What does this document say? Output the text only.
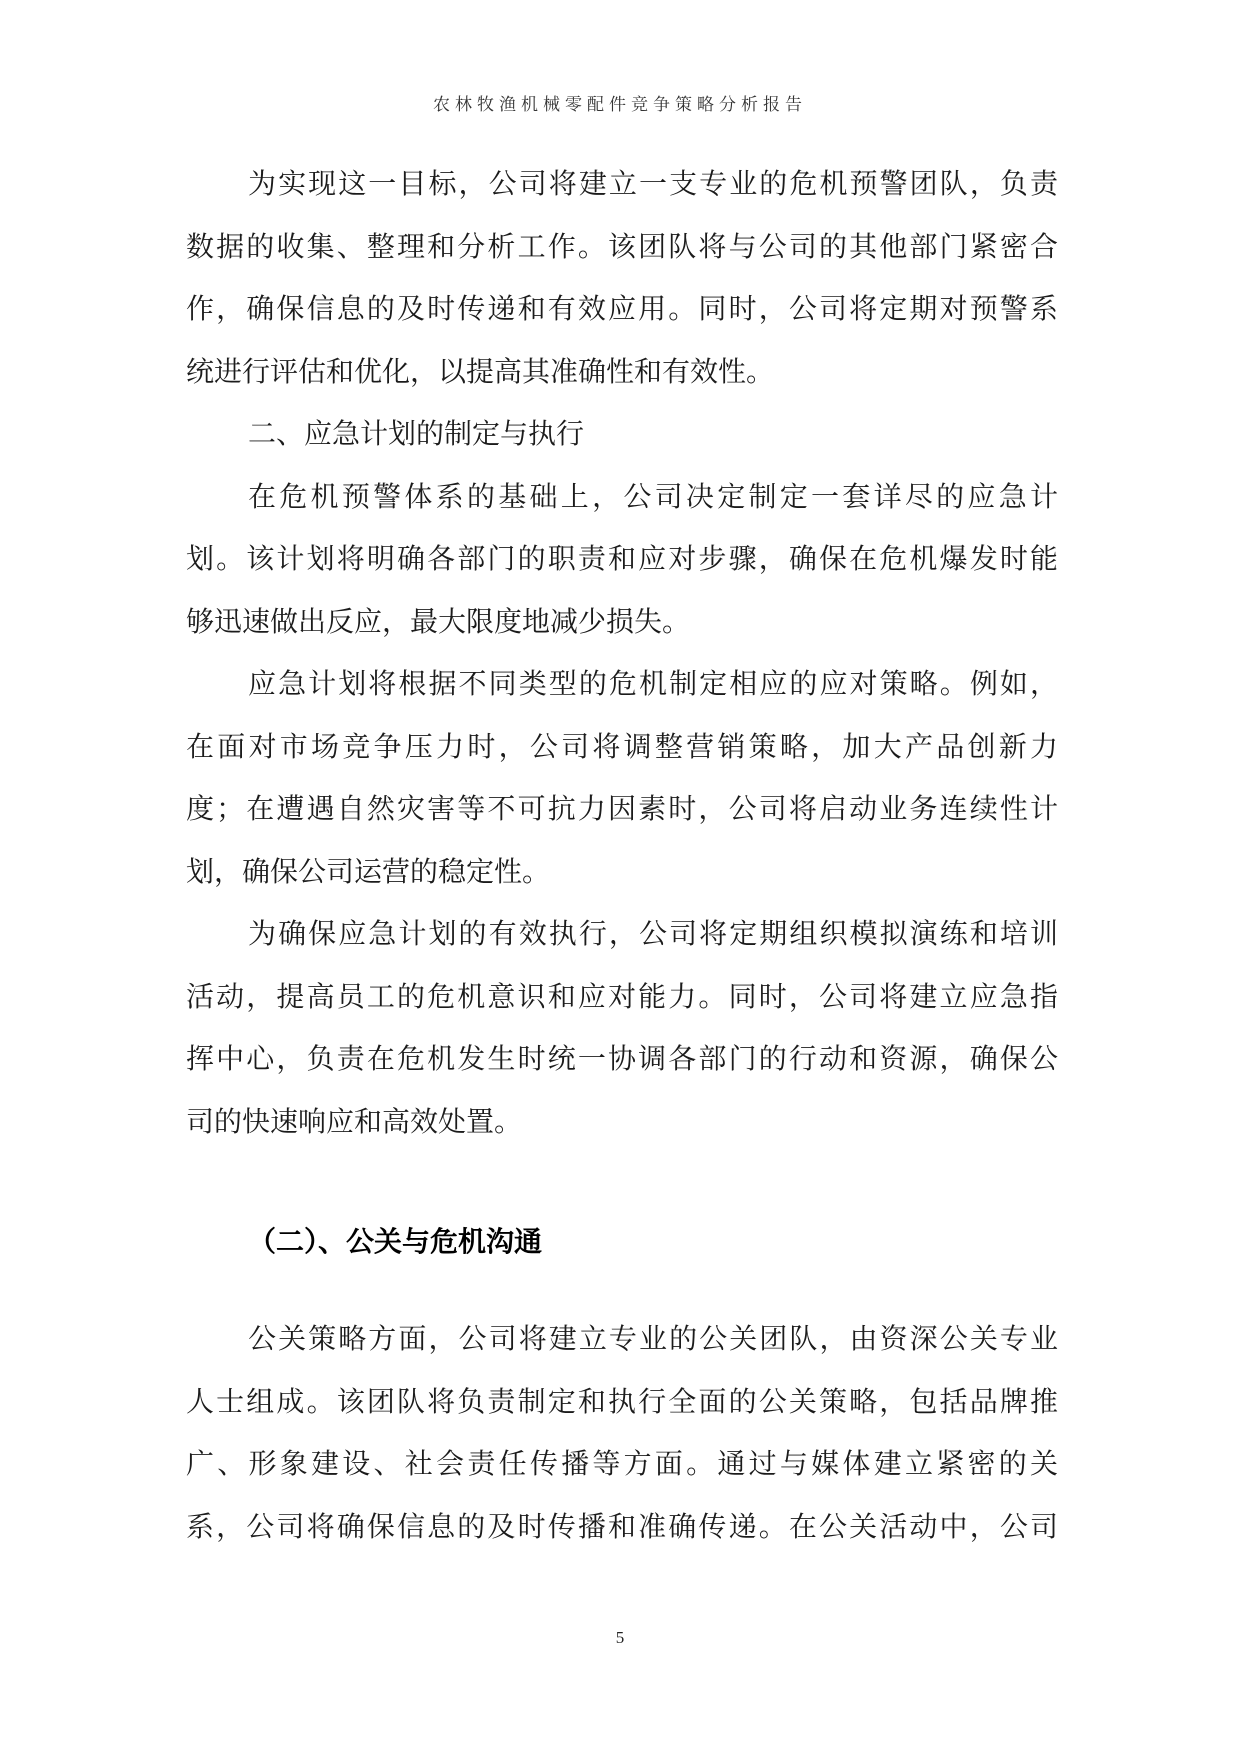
农林牧渔机械零配件竞争策略分析报告
为实现这一目标，公司将建立一支专业的危机预警团队，负责
数据的收集、整理和分析工作。该团队将与公司的其他部门紧密合
作，确保信息的及时传递和有效应用。同时，公司将定期对预警系
统进行评估和优化，以提高其准确性和有效性。
二、应急计划的制定与执行
在危机预警体系的基础上，公司决定制定一套详尽的应急计
划。该计划将明确各部门的职责和应对步骤，确保在危机爆发时能
够迅速做出反应，最大限度地减少损失。
应急计划将根据不同类型的危机制定相应的应对策略。例如，
在面对市场竞争压力时，公司将调整营销策略，加大产品创新力
度；在遭遇自然灾害等不可抗力因素时，公司将启动业务连续性计
划，确保公司运营的稳定性。
为确保应急计划的有效执行，公司将定期组织模拟演练和培训
活动，提高员工的危机意识和应对能力。同时，公司将建立应急指
挥中心，负责在危机发生时统一协调各部门的行动和资源，确保公
司的快速响应和高效处置。
（二）、公关与危机沟通
公关策略方面，公司将建立专业的公关团队，由资深公关专业
人士组成。该团队将负责制定和执行全面的公关策略，包括品牌推
广、形象建设、社会责任传播等方面。通过与媒体建立紧密的关
系，公司将确保信息的及时传播和准确传递。在公关活动中，公司
5
